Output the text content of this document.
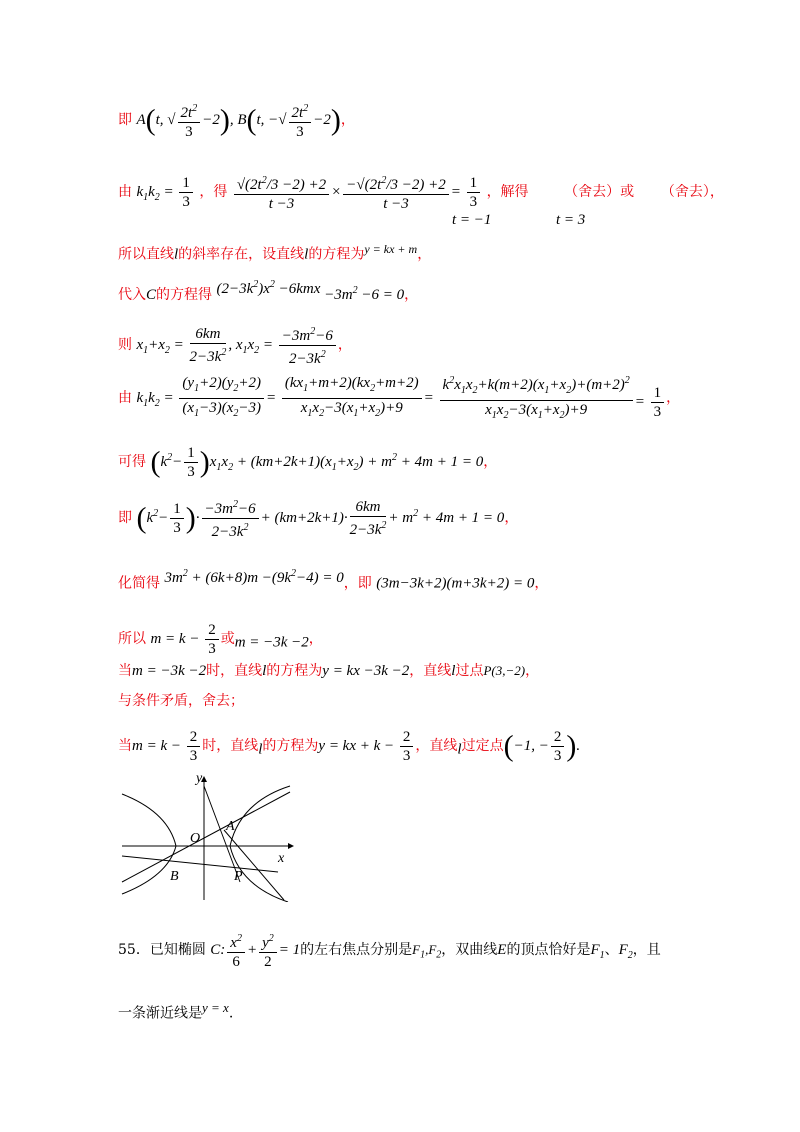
即 A(t, √ $\frac{2t^2}{3} -2$), B(t, −√ $\frac{2t^2}{3} -2$)，
由 $k_1k_2 = \frac{1}{3}$ ，得 $\frac{√(2t^2/3 -2) +2}{t -3} \times \frac{-√(2t^2/3 -2) +2}{t -3} = \frac{1}{3}$ ，解得	（舍去）或 （舍去），
t = −1	t = 3
所以直线l的斜率存在，设直线l的方程为y = kx + m，
代入C的方程得 $(2-3k^2)x^2 -6kmx -3m^2 -6 = 0$，
则 $x_1+x_2 = \frac{6km}{2-3k^2}$ , $x_1x_2 = \frac{-3m^2-6}{2-3k^2}$ ，
由 $k_1k_2 = \frac{(y_1+2)(y_2+2)}{(x_1-3)(x_2-3)} = \frac{(kx_1+m+2)(kx_2+m+2)}{x_1x_2-3(x_1+x_2)+9} = \frac{k^2x_1x_2+k(m+2)(x_1+x_2)+(m+2)^2}{x_1x_2-3(x_1+x_2)+9} = \frac{1}{3}$ ，
可得 $(k^2- \frac{1}{3} )x_1x_2 + (km+2k+1)(x_1+x_2) + m^2 + 4m + 1 = 0$，
即 ($k^2- \frac{1}{3}$ )· $\frac{-3m^2-6}{2-3k^2} + (km+2k+1)\cdot \frac{6km}{2-3k^2} + m^2 + 4m + 1 = 0$，
化简得 $3m^2 + (6k+8)m -(9k^2-4) = 0$，即 (3m−3k+2)(m+3k+2) = 0，
所以 $m = k - \frac{2}{3}$ 或m = −3k −2，
当m = −3k −2时，直线l的方程为y = kx −3k −2，直线l过点P(3,−2)，
与条件矛盾，舍去；
当$m = k - \frac{2}{3}$ 时，直线l的方程为y = kx + $k - \frac{2}{3}$ ，直线l过定点(−1, − $\frac{2}{3}$ ).
y
x
O
A
B	P
55．已知椭圆 C: $\frac{x^2}{6} + \frac{y^2}{2} = 1$的左右焦点分别是$F_1,F_2$，双曲线E的顶点恰好是$F_1$、$F_2$，且
一条渐近线是y = x.
